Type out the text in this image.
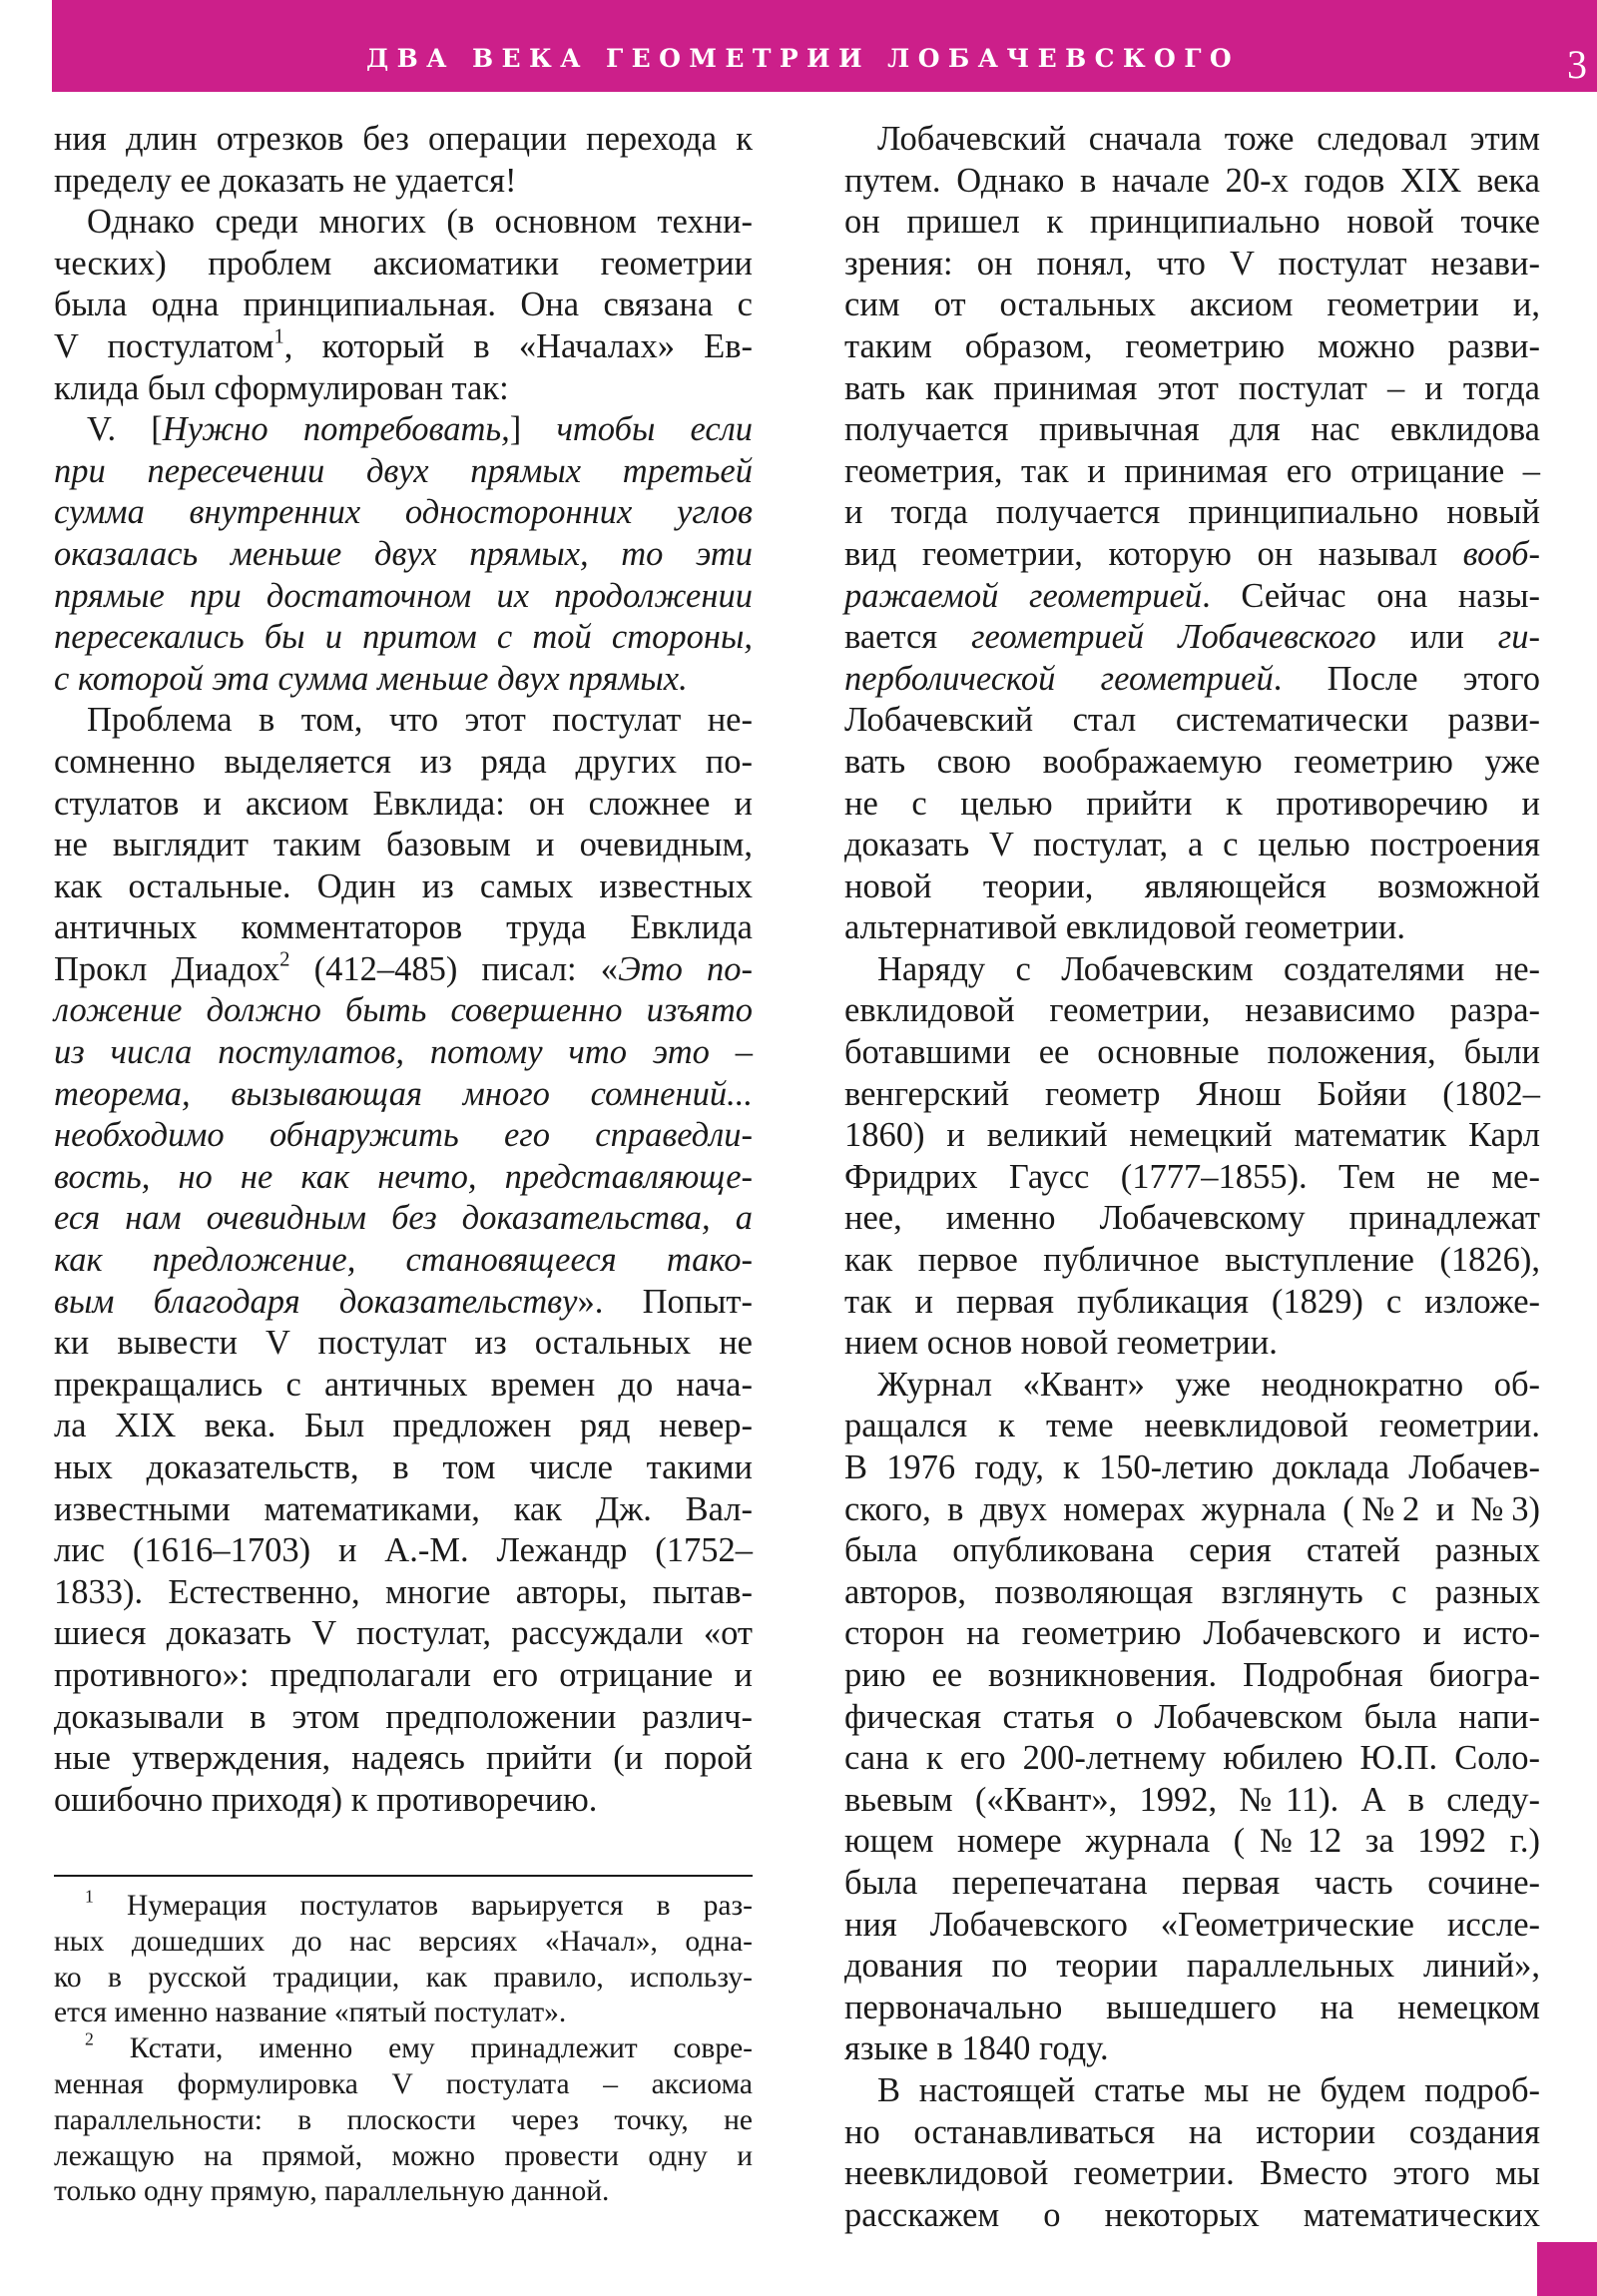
ДВА ВЕКА ГЕОМЕТРИИ ЛОБАЧЕВСКОГО	3
ния длин отрезков без операции перехода к
пределу ее доказать не удается!
Однако среди многих (в основном техни-
ческих) проблем аксиоматики геометрии
была одна принципиальная. Она связана с
V постулатом$^1$, который в «Началах» Ев-
клида был сформулирован так:
V. [Нужно потребовать,] чтобы если
при пересечении двух прямых третьей
сумма внутренних односторонних углов
оказалась меньше двух прямых, то эти
прямые при достаточном их продолжении
пересекались бы и притом с той стороны,
с которой эта сумма меньше двух прямых.
Проблема в том, что этот постулат не-
сомненно выделяется из ряда других по-
стулатов и аксиом Евклида: он сложнее и
не выглядит таким базовым и очевидным,
как остальные. Один из самых известных
античных комментаторов труда Евклида
Прокл Диадох$^2$ (412–485) писал: «Это по-
ложение должно быть совершенно изъято
из числа постулатов, потому что это –
теорема, вызывающая много сомнений...
необходимо обнаружить его справедли-
вость, но не как нечто, представляюще-
еся нам очевидным без доказательства, а
как предложение, становящееся тако-
вым благодаря доказательству». Попыт-
ки вывести V постулат из остальных не
прекращались с античных времен до нача-
ла XIX века. Был предложен ряд невер-
ных доказательств, в том числе такими
известными математиками, как Дж. Вал-
лис (1616–1703) и А.-М. Лежандр (1752–
1833). Естественно, многие авторы, пытав-
шиеся доказать V постулат, рассуждали «от
противного»: предполагали его отрицание и
доказывали в этом предположении различ-
ные утверждения, надеясь прийти (и порой
ошибочно приходя) к противоречию.
$^1$ Нумерация постулатов варьируется в раз-
ных дошедших до нас версиях «Начал», одна-
ко в русской традиции, как правило, использу-
ется именно название «пятый постулат».
$^2$ Кстати, именно ему принадлежит совре-
менная формулировка V постулата – аксиома
параллельности: в плоскости через точку, не
лежащую на прямой, можно провести одну и
только одну прямую, параллельную данной.
Лобачевский сначала тоже следовал этим
путем. Однако в начале 20-х годов XIX века
он пришел к принципиально новой точке
зрения: он понял, что V постулат незави-
сим от остальных аксиом геометрии и,
таким образом, геометрию можно разви-
вать как принимая этот постулат – и тогда
получается привычная для нас евклидова
геометрия, так и принимая его отрицание –
и тогда получается принципиально новый
вид геометрии, которую он называл вооб-
ражаемой геометрией. Сейчас она назы-
вается геометрией Лобачевского или ги-
перболической геометрией. После этого
Лобачевский стал систематически разви-
вать свою воображаемую геометрию уже
не с целью прийти к противоречию и
доказать V постулат, а с целью построения
новой теории, являющейся возможной
альтернативой евклидовой геометрии.
Наряду с Лобачевским создателями не-
евклидовой геометрии, независимо разра-
ботавшими ее основные положения, были
венгерский геометр Янош Бойяи (1802–
1860) и великий немецкий математик Карл
Фридрих Гаусс (1777–1855). Тем не ме-
нее, именно Лобачевскому принадлежат
как первое публичное выступление (1826),
так и первая публикация (1829) с изложе-
нием основ новой геометрии.
Журнал «Квант» уже неоднократно об-
ращался к теме неевклидовой геометрии.
В 1976 году, к 150-летию доклада Лобачев-
ского, в двух номерах журнала (№2 и №3)
была опубликована серия статей разных
авторов, позволяющая взглянуть с разных
сторон на геометрию Лобачевского и исто-
рию ее возникновения. Подробная биогра-
фическая статья о Лобачевском была напи-
сана к его 200-летнему юбилею Ю.П. Соло-
вьевым («Квант», 1992, №11). А в следу-
ющем номере журнала (№12 за 1992 г.)
была перепечатана первая часть сочине-
ния Лобачевского «Геометрические иссле-
дования по теории параллельных линий»,
первоначально вышедшего на немецком
языке в 1840 году.
В настоящей статье мы не будем подроб-
но останавливаться на истории создания
неевклидовой геометрии. Вместо этого мы
расскажем о некоторых математических
